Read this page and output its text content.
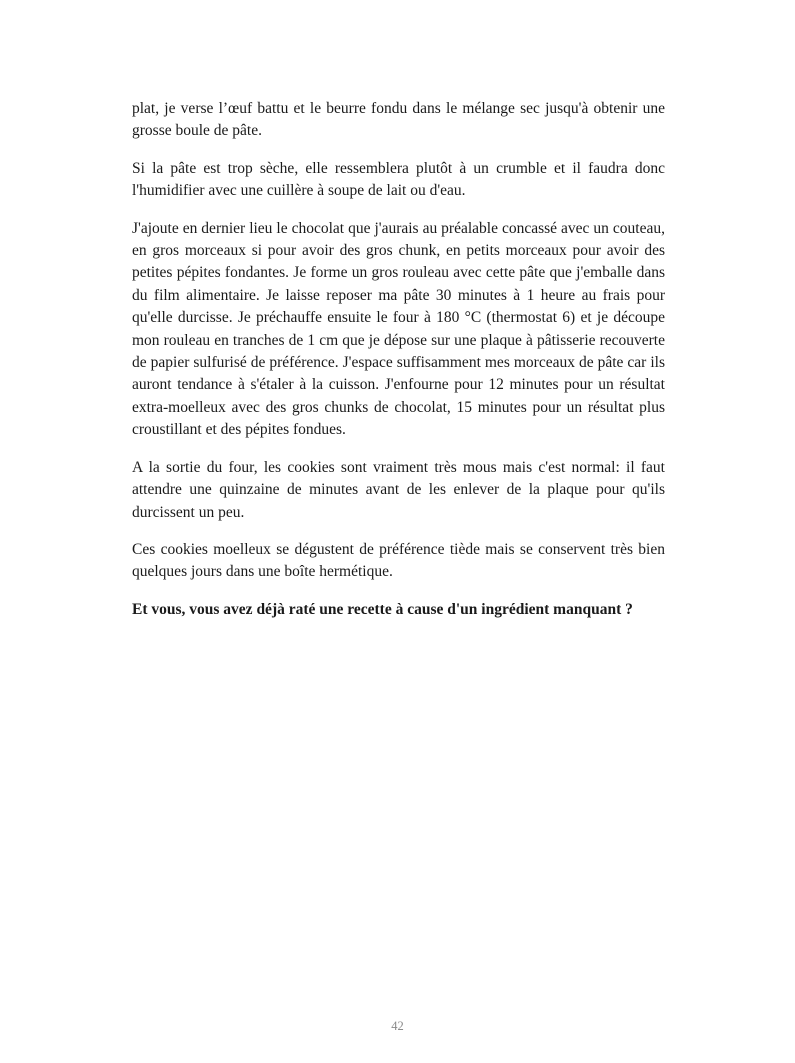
plat, je verse l’œuf battu et le beurre fondu dans le mélange sec jusqu'à obtenir une grosse boule de pâte.

Si la pâte est trop sèche, elle ressemblera plutôt à un crumble et il faudra donc l'humidifier avec une cuillère à soupe de lait ou d'eau.

J'ajoute en dernier lieu le chocolat que j'aurais au préalable concassé avec un couteau, en gros morceaux si pour avoir des gros chunk, en petits morceaux pour avoir des petites pépites fondantes. Je forme un gros rouleau avec cette pâte que j'emballe dans du film alimentaire. Je laisse reposer ma pâte 30 minutes à 1 heure au frais pour qu'elle durcisse. Je préchauffe ensuite le four à 180 °C (thermostat 6) et je découpe mon rouleau en tranches de 1 cm que je dépose sur une plaque à pâtisserie recouverte de papier sulfurisé de préférence. J'espace suffisamment mes morceaux de pâte car ils auront tendance à s'étaler à la cuisson. J'enfourne pour 12 minutes pour un résultat extra-moelleux avec des gros chunks de chocolat, 15 minutes pour un résultat plus croustillant et des pépites fondues.

A la sortie du four, les cookies sont vraiment très mous mais c'est normal: il faut attendre une quinzaine de minutes avant de les enlever de la plaque pour qu'ils durcissent un peu.

Ces cookies moelleux se dégustent de préférence tiède mais se conservent très bien quelques jours dans une boîte hermétique.

Et vous, vous avez déjà raté une recette à cause d'un ingrédient manquant ?

42
